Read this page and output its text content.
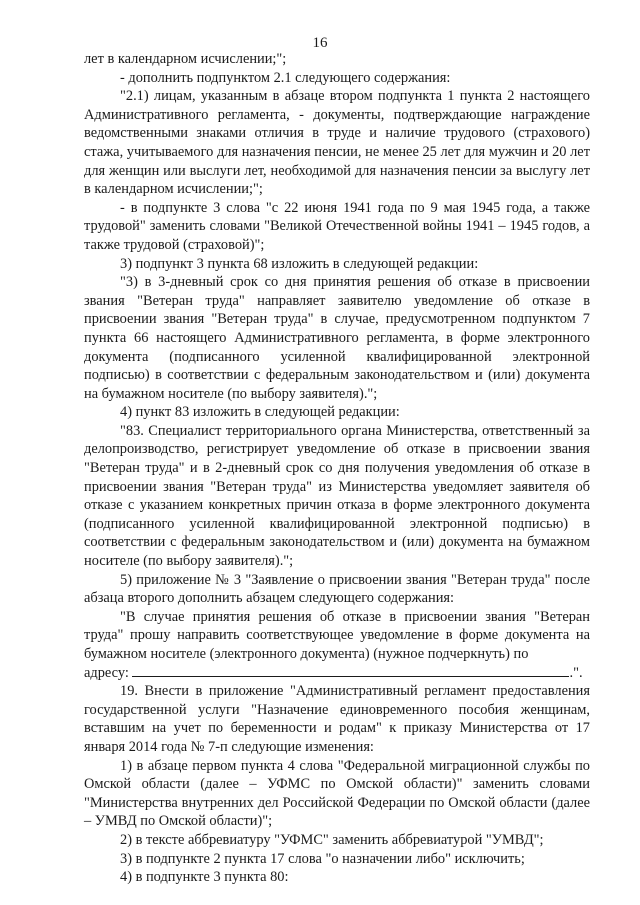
16

лет в календарном исчислении;";

- дополнить подпунктом 2.1 следующего содержания:

"2.1) лицам, указанным в абзаце втором подпункта 1 пункта 2 настоящего Административного регламента, - документы, подтверждающие награждение ведомственными знаками отличия в труде и наличие трудового (страхового) стажа, учитываемого для назначения пенсии, не менее 25 лет для мужчин и 20 лет для женщин или выслуги лет, необходимой для назначения пенсии за выслугу лет в календарном исчислении;";

- в подпункте 3 слова "с 22 июня 1941 года по 9 мая 1945 года, а также трудовой" заменить словами "Великой Отечественной войны 1941 – 1945 годов, а также трудовой (страховой)";

3) подпункт 3 пункта 68 изложить в следующей редакции:

"3) в 3-дневный срок со дня принятия решения об отказе в присвоении звания "Ветеран труда" направляет заявителю уведомление об отказе в присвоении звания "Ветеран труда" в случае, предусмотренном подпунктом 7 пункта 66 настоящего Административного регламента, в форме электронного документа (подписанного усиленной квалифицированной электронной подписью) в соответствии с федеральным законодательством и (или) документа на бумажном носителе (по выбору заявителя).";

4) пункт 83 изложить в следующей редакции:

"83. Специалист территориального органа Министерства, ответственный за делопроизводство, регистрирует уведомление об отказе в присвоении звания "Ветеран труда" и в 2-дневный срок со дня получения уведомления об отказе в присвоении звания "Ветеран труда" из Министерства уведомляет заявителя об отказе с указанием конкретных причин отказа в форме электронного документа (подписанного усиленной квалифицированной электронной подписью) в соответствии с федеральным законодательством и (или) документа на бумажном носителе (по выбору заявителя).";

5) приложение № 3 "Заявление о присвоении звания "Ветеран труда" после абзаца второго дополнить абзацем следующего содержания:

"В случае принятия решения об отказе в присвоении звания "Ветеран труда" прошу направить соответствующее уведомление в форме документа на бумажном носителе (электронного документа) (нужное подчеркнуть) по

адресу:	.".

19. Внести в приложение "Административный регламент предоставления государственной услуги "Назначение единовременного пособия женщинам, вставшим на учет по беременности и родам" к приказу Министерства от 17 января 2014 года № 7-п следующие изменения:

1) в абзаце первом пункта 4 слова "Федеральной миграционной службы по Омской области (далее – УФМС по Омской области)" заменить словами "Министерства внутренних дел Российской Федерации по Омской области (далее – УМВД по Омской области)";

2) в тексте аббревиатуру "УФМС" заменить аббревиатурой "УМВД";

3) в подпункте 2 пункта 17 слова "о назначении либо" исключить;

4) в подпункте 3 пункта 80:
